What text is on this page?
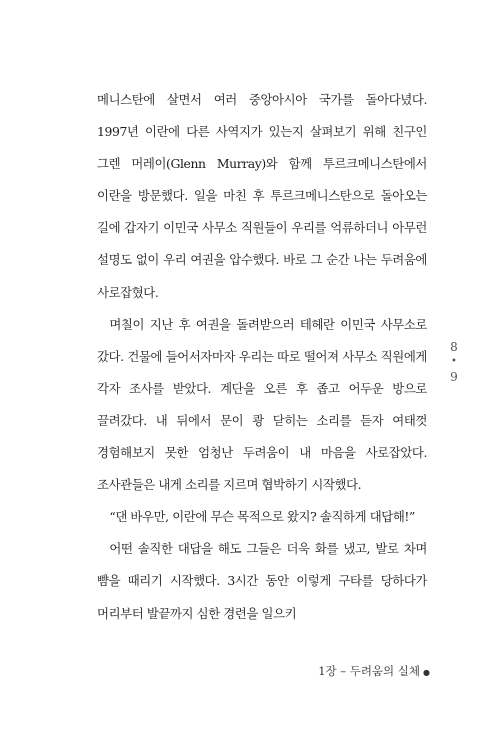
메니스탄에 살면서 여러 중앙아시아 국가를 돌아다녔다. 1997년 이란에 다른 사역지가 있는지 살펴보기 위해 친구인 그렌 머레이(Glenn Murray)와 함께 투르크메니스탄에서 이란을 방문했다. 일을 마친 후 투르크메니스탄으로 돌아오는 길에 갑자기 이민국 사무소 직원들이 우리를 억류하더니 아무런 설명도 없이 우리 여권을 압수했다. 바로 그 순간 나는 두려움에 사로잡혔다.

며칠이 지난 후 여권을 돌려받으러 테헤란 이민국 사무소로 갔다. 건물에 들어서자마자 우리는 따로 떨어져 사무소 직원에게 각자 조사를 받았다. 계단을 오른 후 좁고 어두운 방으로 끌려갔다. 내 뒤에서 문이 쾅 닫히는 소리를 듣자 여태껏 경험해보지 못한 엄청난 두려움이 내 마음을 사로잡았다. 조사관들은 내게 소리를 지르며 협박하기 시작했다.

“댄 바우만, 이란에 무슨 목적으로 왔지? 솔직하게 대답해!”

어떤 솔직한 대답을 해도 그들은 더욱 화를 냈고, 발로 차며 뺨을 때리기 시작했다. 3시간 동안 이렇게 구타를 당하다가 머리부터 발끝까지 심한 경련을 일으키

8
•
9
1장 – 두려움의 실체 ●
